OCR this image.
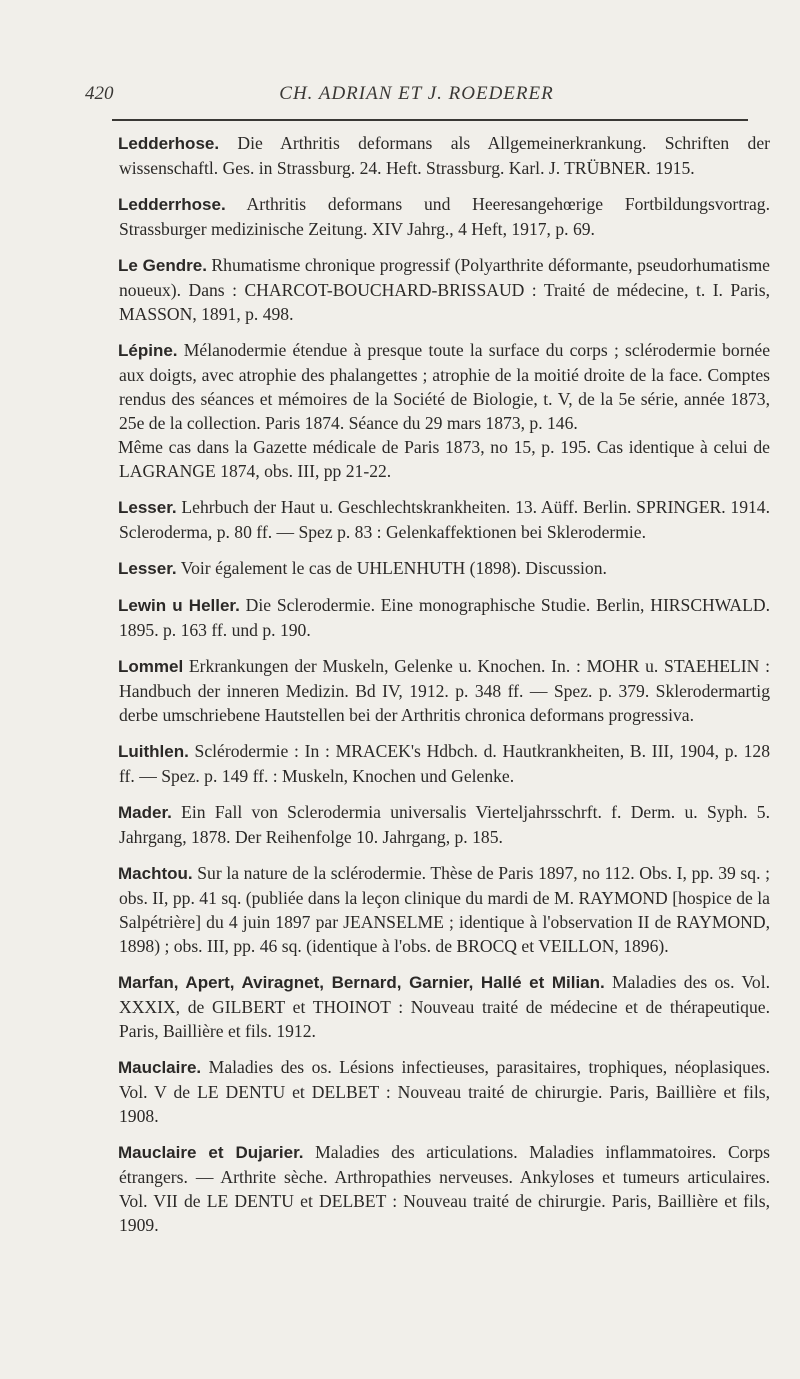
420	CH. ADRIAN ET J. ROEDERER

Ledderhose. Die Arthritis deformans als Allgemeinerkrankung. Schriften der wissenschaftl. Ges. in Strassburg. 24. Heft. Strassburg. Karl. J. TRÜBNER. 1915.

Ledderrhose. Arthritis deformans und Heeresangehœrige Fortbildungsvortrag. Strassburger medizinische Zeitung. XIV Jahrg., 4 Heft, 1917, p. 69.

Le Gendre. Rhumatisme chronique progressif (Polyarthrite déformante, pseudorhumatisme noueux). Dans : CHARCOT-BOUCHARD-BRISSAUD : Traité de médecine, t. I. Paris, MASSON, 1891, p. 498.

Lépine. Mélanodermie étendue à presque toute la surface du corps ; sclérodermie bornée aux doigts, avec atrophie des phalangettes ; atrophie de la moitié droite de la face. Comptes rendus des séances et mémoires de la Société de Biologie, t. V, de la 5e série, année 1873, 25e de la collection. Paris 1874. Séance du 29 mars 1873, p. 146.
Même cas dans la Gazette médicale de Paris 1873, no 15, p. 195. Cas identique à celui de LAGRANGE 1874, obs. III, pp 21-22.

Lesser. Lehrbuch der Haut u. Geschlechtskrankheiten. 13. Aüff. Berlin. SPRINGER. 1914. Scleroderma, p. 80 ff. — Spez p. 83 : Gelenkaffektionen bei Sklerodermie.

Lesser. Voir également le cas de UHLENHUTH (1898). Discussion.

Lewin u Heller. Die Sclerodermie. Eine monographische Studie. Berlin, HIRSCHWALD. 1895. p. 163 ff. und p. 190.

Lommel Erkrankungen der Muskeln, Gelenke u. Knochen. In. : MOHR u. STAEHELIN : Handbuch der inneren Medizin. Bd IV, 1912. p. 348 ff. — Spez. p. 379. Sklerodermartig derbe umschriebene Hautstellen bei der Arthritis chronica deformans progressiva.

Luithlen. Sclérodermie : In : MRACEK's Hdbch. d. Hautkrankheiten, B. III, 1904, p. 128 ff. — Spez. p. 149 ff. : Muskeln, Knochen und Gelenke.

Mader. Ein Fall von Sclerodermia universalis Vierteljahrsschrft. f. Derm. u. Syph. 5. Jahrgang, 1878. Der Reihenfolge 10. Jahrgang, p. 185.

Machtou. Sur la nature de la sclérodermie. Thèse de Paris 1897, no 112. Obs. I, pp. 39 sq. ; obs. II, pp. 41 sq. (publiée dans la leçon clinique du mardi de M. RAYMOND [hospice de la Salpétrière] du 4 juin 1897 par JEANSELME ; identique à l'observation II de RAYMOND, 1898) ; obs. III, pp. 46 sq. (identique à l'obs. de BROCQ et VEILLON, 1896).

Marfan, Apert, Aviragnet, Bernard, Garnier, Hallé et Milian. Maladies des os. Vol. XXXIX, de GILBERT et THOINOT : Nouveau traité de médecine et de thérapeutique. Paris, Baillière et fils. 1912.

Mauclaire. Maladies des os. Lésions infectieuses, parasitaires, trophiques, néoplasiques. Vol. V de LE DENTU et DELBET : Nouveau traité de chirurgie. Paris, Baillière et fils, 1908.

Mauclaire et Dujarier. Maladies des articulations. Maladies inflammatoires. Corps étrangers. — Arthrite sèche. Arthropathies nerveuses. Ankyloses et tumeurs articulaires. Vol. VII de LE DENTU et DELBET : Nouveau traité de chirurgie. Paris, Baillière et fils, 1909.
